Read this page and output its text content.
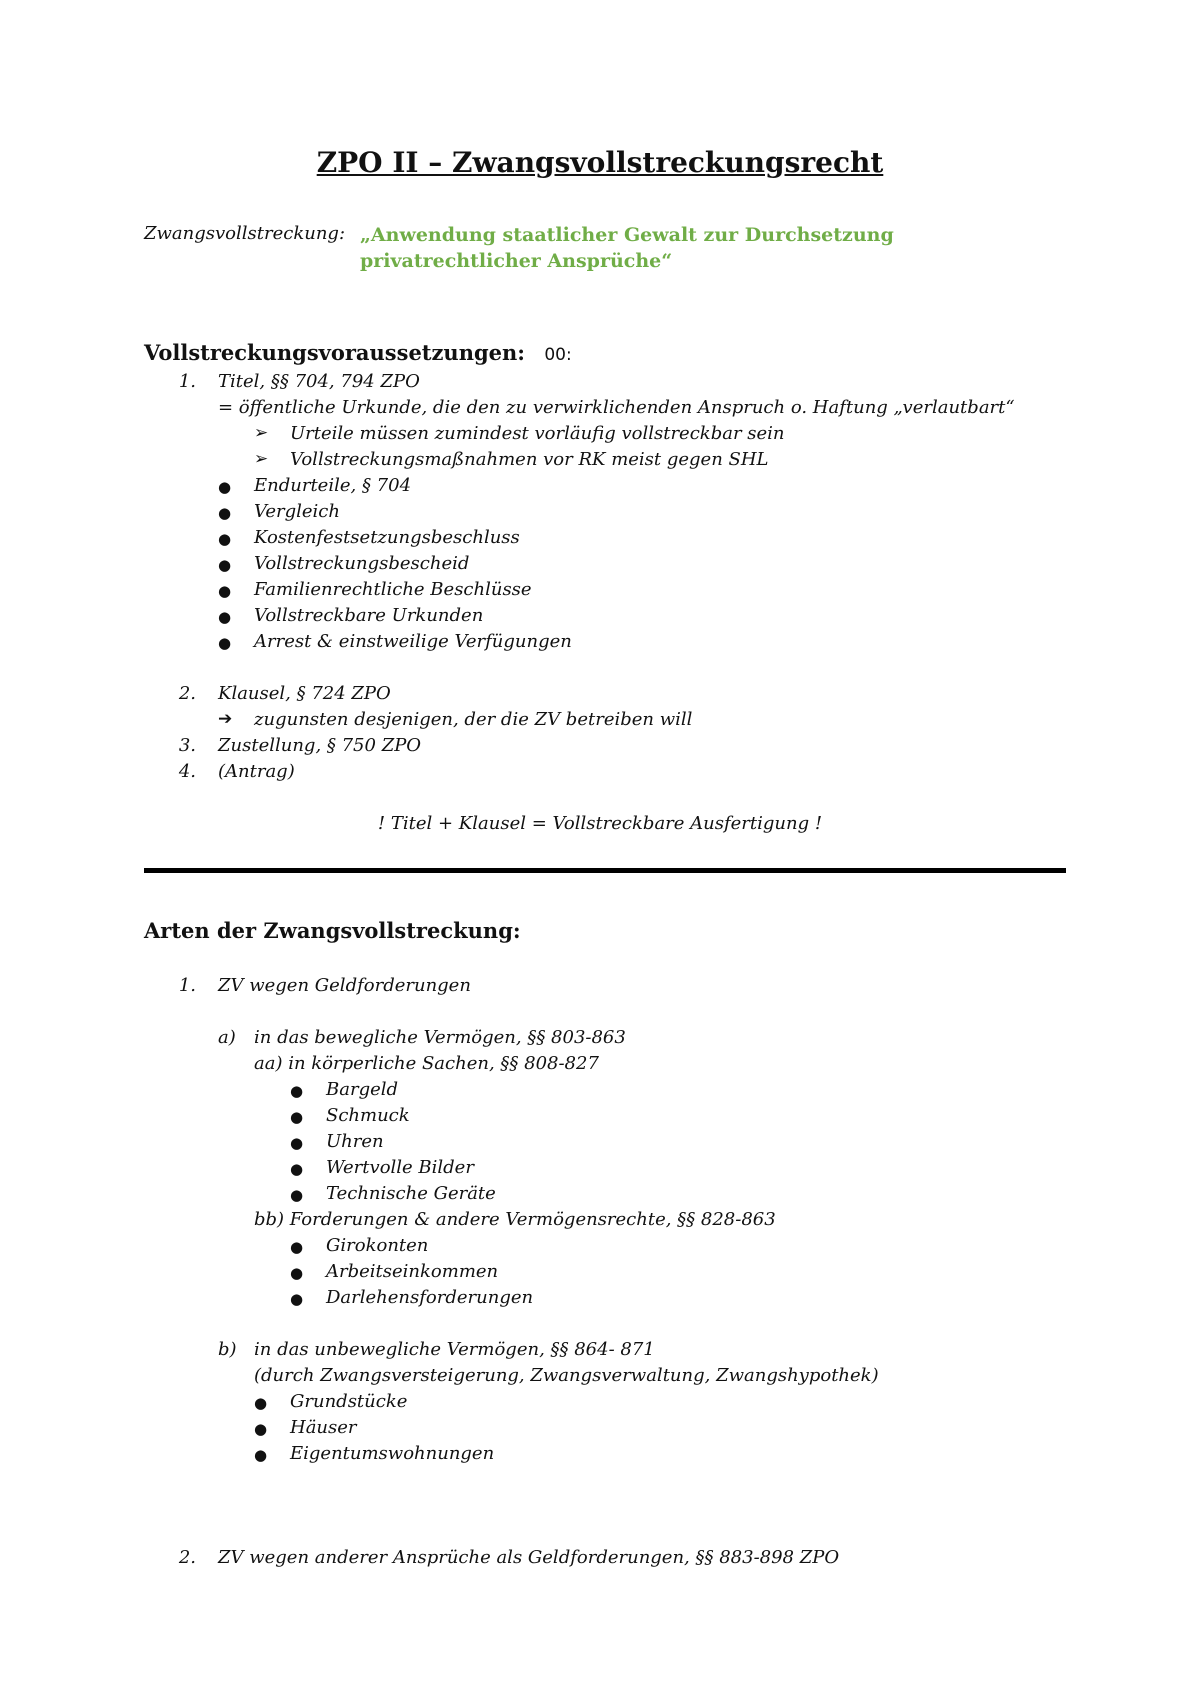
ZPO II – Zwangsvollstreckungsrecht
Zwangsvollstreckung: „Anwendung staatlicher Gewalt zur Durchsetzung privatrechtlicher Ansprüche“
Vollstreckungsvoraussetzungen: 00:
1. Titel, §§ 704, 794 ZPO
= öffentliche Urkunde, die den zu verwirklichenden Anspruch o. Haftung „verlautbart“
➢ Urteile müssen zumindest vorläufig vollstreckbar sein
➢ Vollstreckungsmaßnahmen vor RK meist gegen SHL
● Endurteile, § 704
● Vergleich
● Kostenfestsetzungsbeschluss
● Vollstreckungsbescheid
● Familienrechtliche Beschlüsse
● Vollstreckbare Urkunden
● Arrest & einstweilige Verfügungen
2. Klausel, § 724 ZPO
➔ zugunsten desjenigen, der die ZV betreiben will
3. Zustellung, § 750 ZPO
4. (Antrag)
! Titel + Klausel = Vollstreckbare Ausfertigung !
Arten der Zwangsvollstreckung:
1. ZV wegen Geldforderungen
a) in das bewegliche Vermögen, §§ 803-863
aa) in körperliche Sachen, §§ 808-827
● Bargeld
● Schmuck
● Uhren
● Wertvolle Bilder
● Technische Geräte
bb) Forderungen & andere Vermögensrechte, §§ 828-863
● Girokonten
● Arbeitseinkommen
● Darlehensforderungen
b) in das unbewegliche Vermögen, §§ 864- 871
(durch Zwangsversteigerung, Zwangsverwaltung, Zwangshypothek)
● Grundstücke
● Häuser
● Eigentumswohnungen
2. ZV wegen anderer Ansprüche als Geldforderungen, §§ 883-898 ZPO
